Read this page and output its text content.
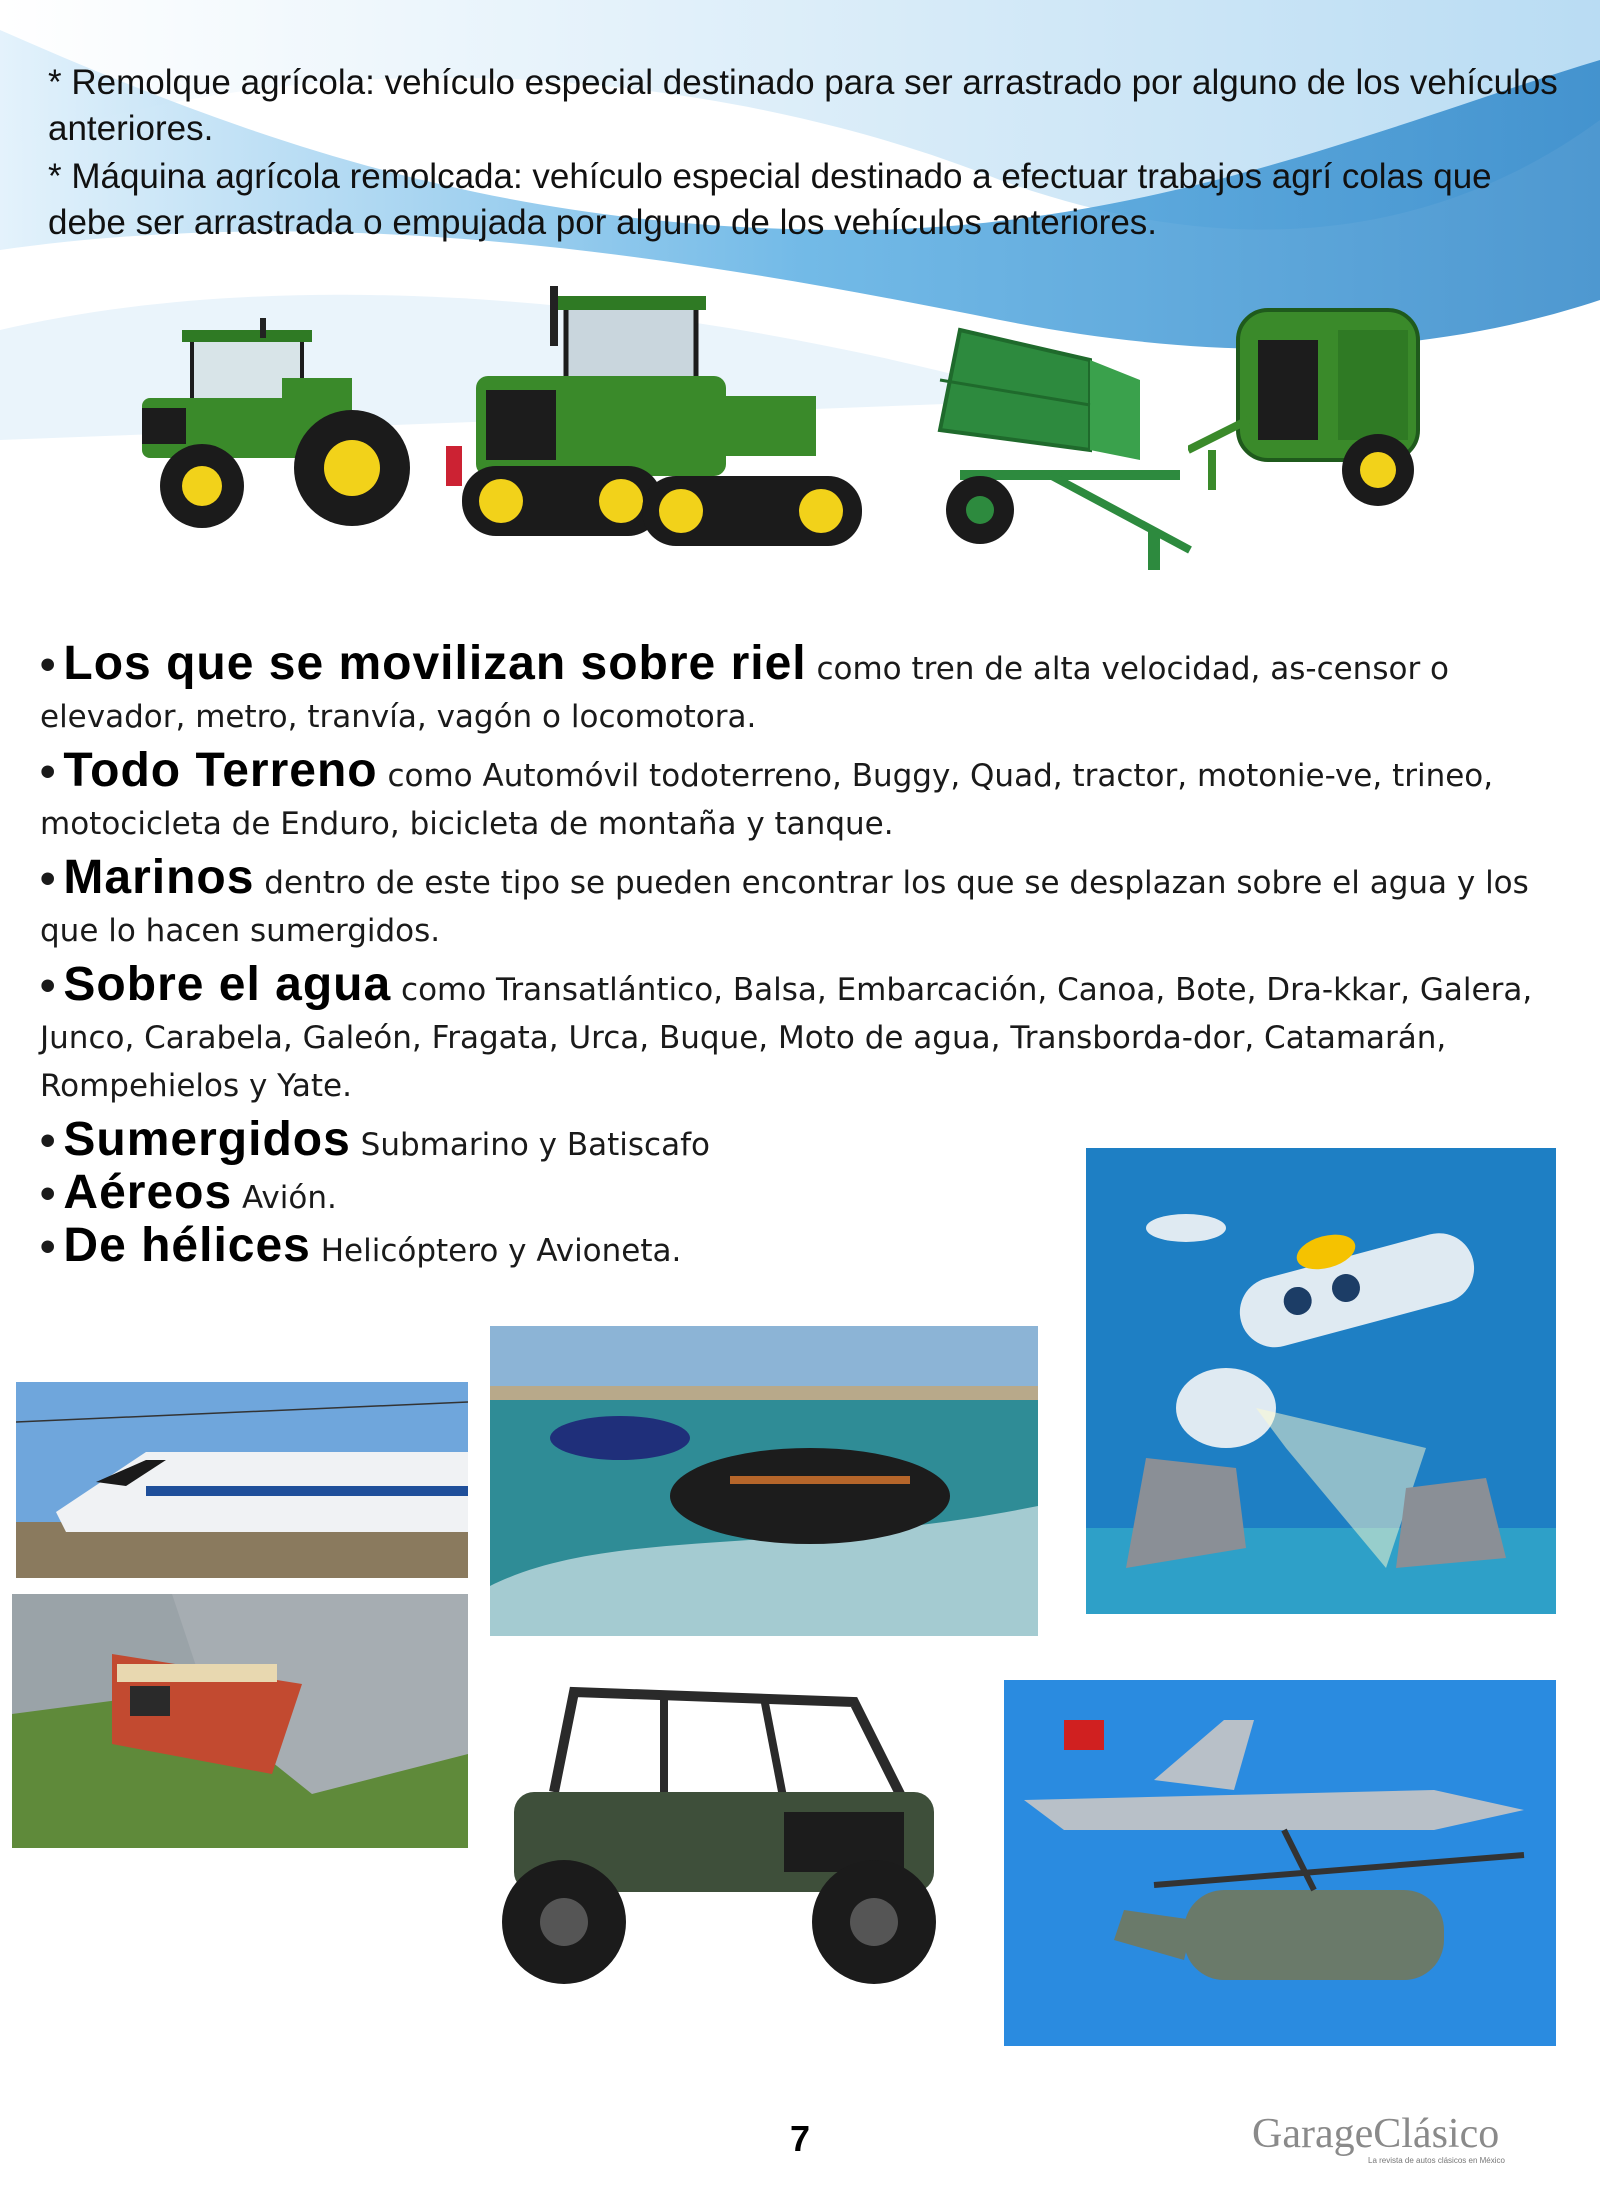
* Remolque agrícola: vehículo especial destinado para ser arrastrado por alguno de los vehículos anteriores.
* Máquina agrícola remolcada: vehículo especial destinado a efectuar trabajos agrí colas que debe ser arrastrada o empujada por alguno de los vehículos anteriores.
• Los que se movilizan sobre riel como tren de alta velocidad, as-censor o elevador, metro, tranvía, vagón o locomotora.
• Todo Terreno como Automóvil todoterreno, Buggy, Quad, tractor, motonie-ve, trineo, motocicleta de Enduro, bicicleta de montaña y tanque.
• Marinos dentro de este tipo se pueden encontrar los que se desplazan sobre el agua y los que lo hacen sumergidos.
• Sobre el agua como Transatlántico, Balsa, Embarcación, Canoa, Bote, Dra-kkar, Galera, Junco, Carabela, Galeón, Fragata, Urca, Buque, Moto de agua, Transborda-dor, Catamarán, Rompehielos y Yate.
• Sumergidos Submarino y Batiscafo
• Aéreos Avión.
• De hélices Helicóptero y Avioneta.
7	GarageClásico
La revista de autos clásicos en México
